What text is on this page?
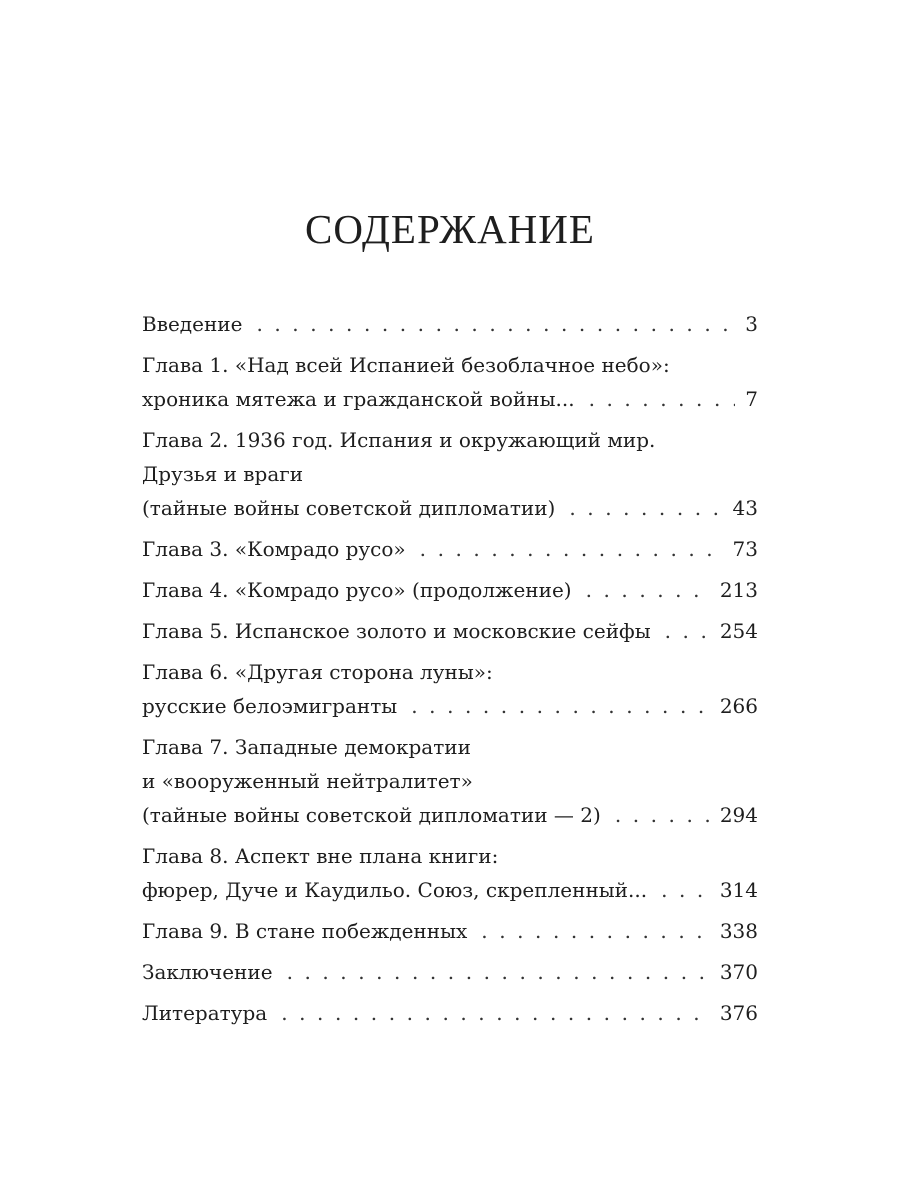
СОДЕРЖАНИЕ
Введение . . .	3
Глава 1. «Над всей Испанией безоблачное небо»:
хроника мятежа и гражданской войны... . . .	7
Глава 2. 1936 год. Испания и окружающий мир.
Друзья и враги
(тайные войны советской дипломатии) . . .	43
Глава 3. «Комрадо русо» . . .	73
Глава 4. «Комрадо русо» (продолжение) . . .	213
Глава 5. Испанское золото и московские сейфы . . .	254
Глава 6. «Другая сторона луны»:
русские белоэмигранты . . .	266
Глава 7. Западные демократии
и «вооруженный нейтралитет»
(тайные войны советской дипломатии — 2) . . .	294
Глава 8. Аспект вне плана книги:
фюрер, Дуче и Каудильо. Союз, скрепленный... . . .	314
Глава 9. В стане побежденных . . .	338
Заключение . . .	370
Литература . . .	376
